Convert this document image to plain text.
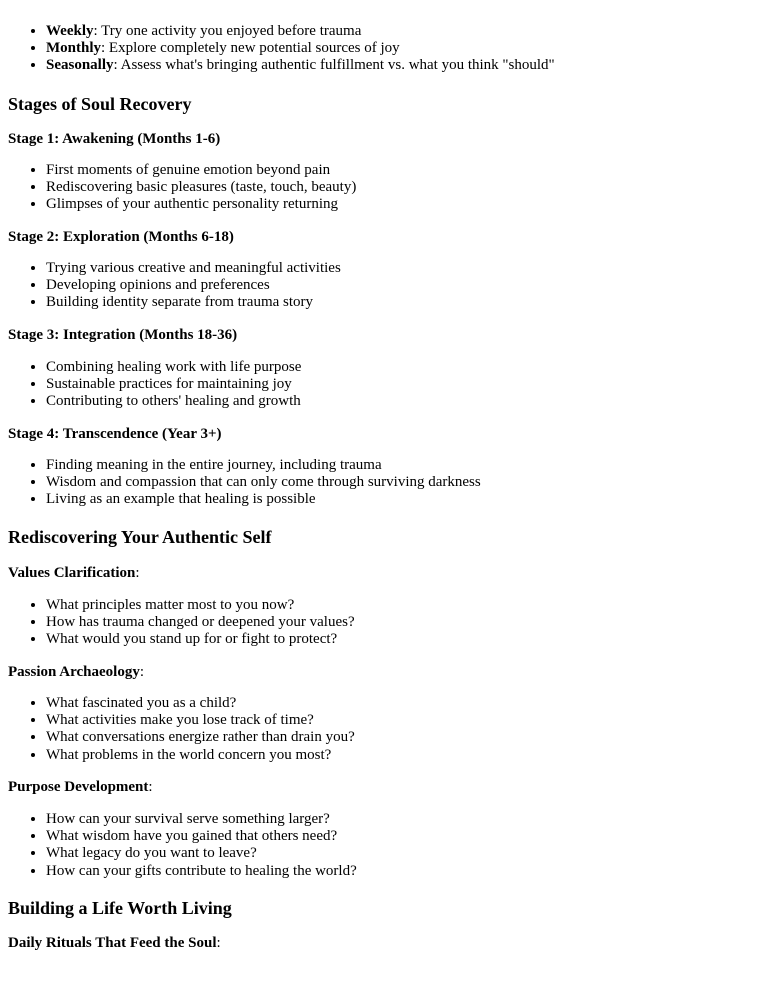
• Weekly: Try one activity you enjoyed before trauma
• Monthly: Explore completely new potential sources of joy
• Seasonally: Assess what's bringing authentic fulfillment vs. what you think "should"
Stages of Soul Recovery

Stage 1: Awakening (Months 1-6)

• First moments of genuine emotion beyond pain
• Rediscovering basic pleasures (taste, touch, beauty)
• Glimpses of your authentic personality returning

Stage 2: Exploration (Months 6-18)

• Trying various creative and meaningful activities
• Developing opinions and preferences
• Building identity separate from trauma story

Stage 3: Integration (Months 18-36)

• Combining healing work with life purpose
• Sustainable practices for maintaining joy
• Contributing to others' healing and growth

Stage 4: Transcendence (Year 3+)

• Finding meaning in the entire journey, including trauma
• Wisdom and compassion that can only come through surviving darkness
• Living as an example that healing is possible
Rediscovering Your Authentic Self

Values Clarification:

• What principles matter most to you now?
• How has trauma changed or deepened your values?
• What would you stand up for or fight to protect?

Passion Archaeology:

• What fascinated you as a child?
• What activities make you lose track of time?
• What conversations energize rather than drain you?
• What problems in the world concern you most?

Purpose Development:

• How can your survival serve something larger?
• What wisdom have you gained that others need?
• What legacy do you want to leave?
• How can your gifts contribute to healing the world?
Building a Life Worth Living

Daily Rituals That Feed the Soul:
